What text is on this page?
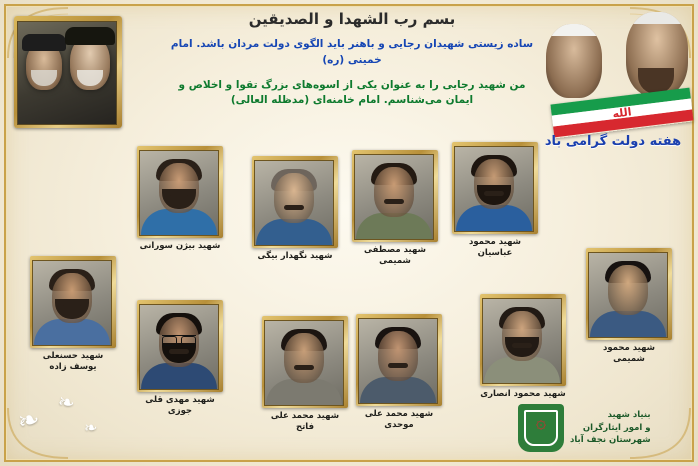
بسم رب الشهدا و الصدیقین
ساده زیستی شهیدان رجایی و باهنر باید الگوی دولت مردان باشد. امام خمینی (ره)
من شهید رجایی را به عنوان یکی از اسوه‌های بزرگ تقوا و اخلاص و ایمان می‌شناسم. امام خامنه‌ای (مدظله العالی)
الله
هفته دولت گرامی باد
شهید بیژن سورانی
شهید نگهدار بیگی
شهید مصطفی شمیمی
شهید محمود عباسیان
شهید حسنعلی یوسف زاده
شهید محمود شمیمی
شهید مهدی قلی جوزی
شهید محمد علی فاتح
شهید محمد علی موحدی
شهید محمود انصاری
❧
❧
❧
بنیاد شهید
و امور ایثارگران
شهرستان نجف آباد
۞
